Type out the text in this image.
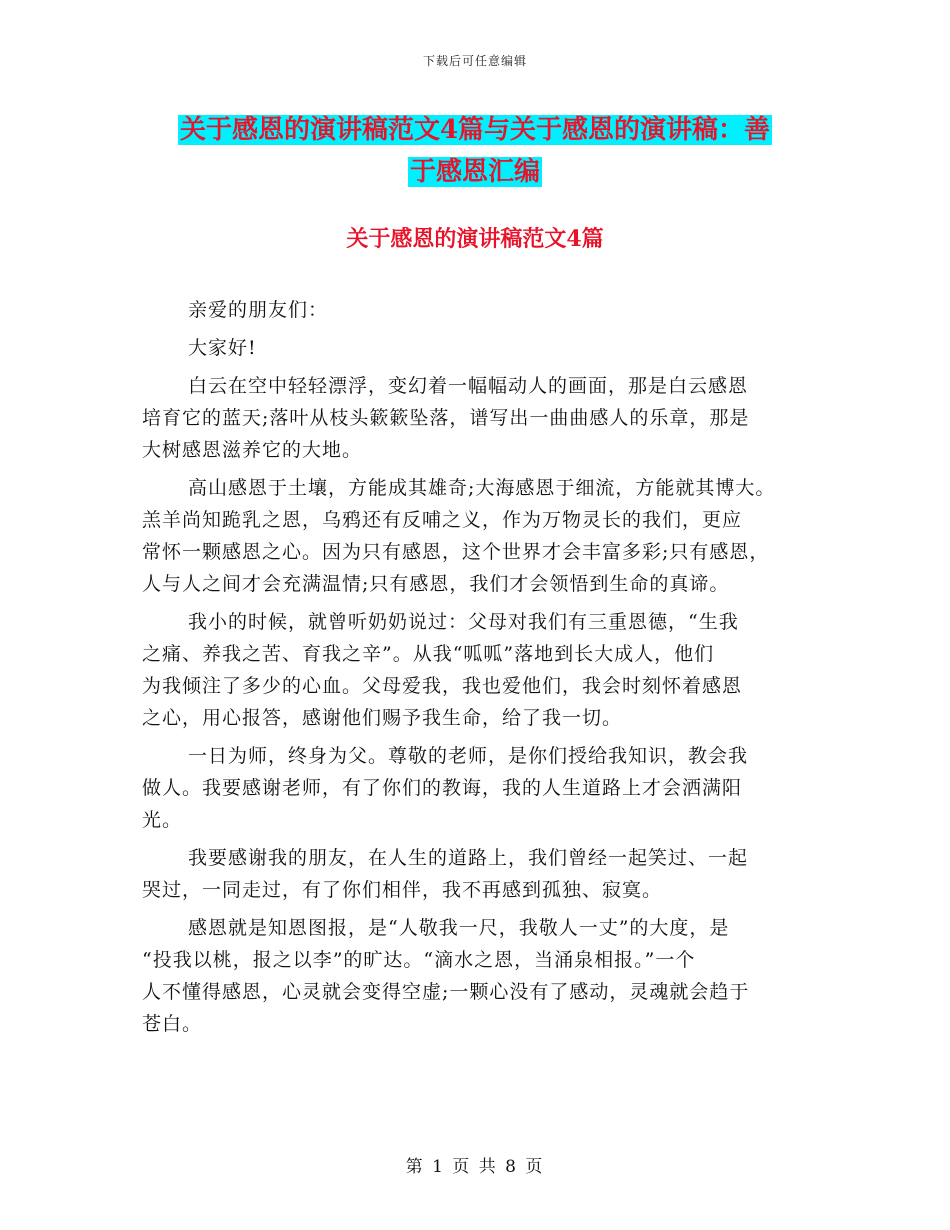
下载后可任意编辑
关于感恩的演讲稿范文4篇与关于感恩的演讲稿：善
于感恩汇编
关于感恩的演讲稿范文4篇
亲爱的朋友们：
大家好!
白云在空中轻轻漂浮，变幻着一幅幅动人的画面，那是白云感恩
培育它的蓝天;落叶从枝头簌簌坠落，谱写出一曲曲感人的乐章，那是
大树感恩滋养它的大地。
高山感恩于土壤，方能成其雄奇;大海感恩于细流，方能就其博大。
羔羊尚知跪乳之恩，乌鸦还有反哺之义，作为万物灵长的我们，更应
常怀一颗感恩之心。因为只有感恩，这个世界才会丰富多彩;只有感恩，
人与人之间才会充满温情;只有感恩，我们才会领悟到生命的真谛。
我小的时候，就曾听奶奶说过：父母对我们有三重恩德，“生我
之痛、养我之苦、育我之辛”。从我“呱呱”落地到长大成人，他们
为我倾注了多少的心血。父母爱我，我也爱他们，我会时刻怀着感恩
之心，用心报答，感谢他们赐予我生命，给了我一切。
一日为师，终身为父。尊敬的老师，是你们授给我知识，教会我
做人。我要感谢老师，有了你们的教诲，我的人生道路上才会洒满阳
光。
我要感谢我的朋友，在人生的道路上，我们曾经一起笑过、一起
哭过，一同走过，有了你们相伴，我不再感到孤独、寂寞。
感恩就是知恩图报，是“人敬我一尺，我敬人一丈”的大度，是
“投我以桃，报之以李”的旷达。“滴水之恩，当涌泉相报。”一个
人不懂得感恩，心灵就会变得空虚;一颗心没有了感动，灵魂就会趋于
苍白。
第 1 页 共 8 页
